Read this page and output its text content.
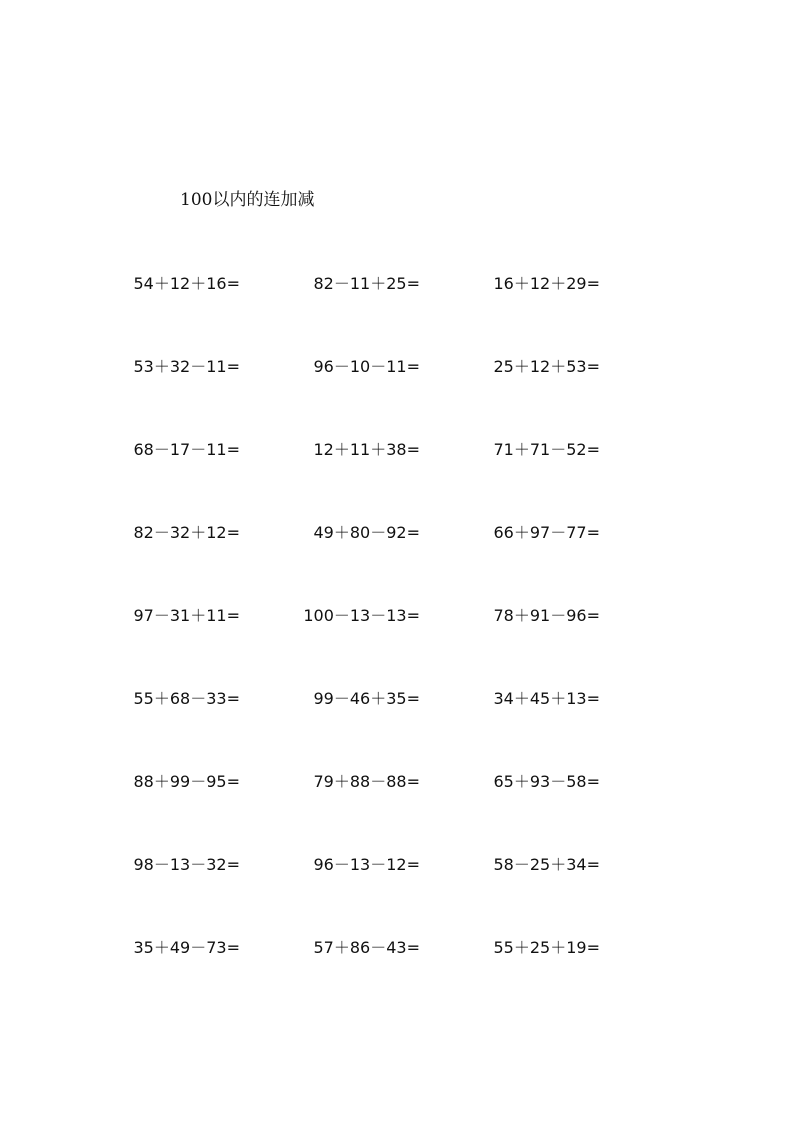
100以内的连加减
54＋12＋16=	82－11＋25=	16＋12＋29=
53＋32－11=	96－10－11=	25＋12＋53=
68－17－11=	12＋11＋38=	71＋71－52=
82－32＋12=	49＋80－92=	66＋97－77=
97－31＋11=	100－13－13=	78＋91－96=
55＋68－33=	99－46＋35=	34＋45＋13=
88＋99－95=	79＋88－88=	65＋93－58=
98－13－32=	96－13－12=	58－25＋34=
35＋49－73=	57＋86－43=	55＋25＋19=
